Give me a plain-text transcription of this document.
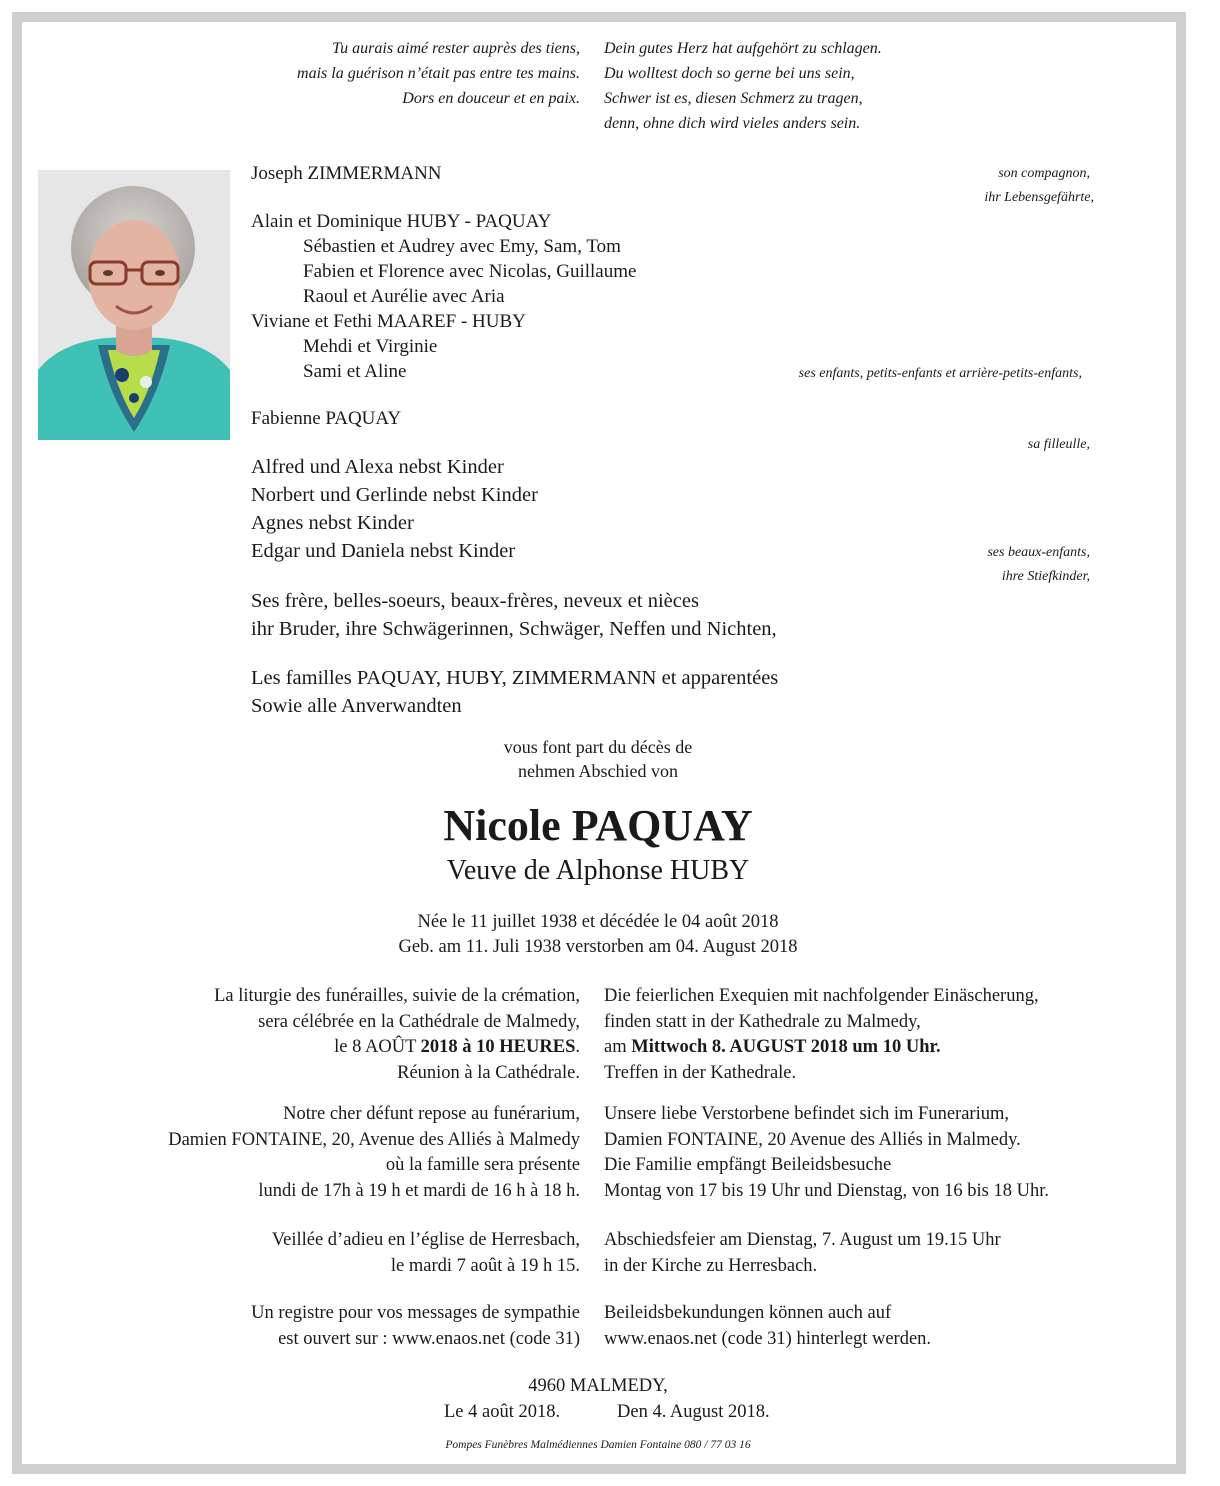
Tu aurais aimé rester auprès des tiens,
mais la guérison n’était pas entre tes mains.
Dors en douceur et en paix.
Dein gutes Herz hat aufgehört zu schlagen.
Du wolltest doch so gerne bei uns sein,
Schwer ist es, diesen Schmerz zu tragen,
denn, ohne dich wird vieles anders sein.
Joseph ZIMMERMANN	son compagnon,
ihr Lebensgefährte,
Alain et Dominique HUBY - PAQUAY
Sébastien et Audrey avec Emy, Sam, Tom
Fabien et Florence avec Nicolas, Guillaume
Raoul et Aurélie avec Aria
Viviane et Fethi MAAREF - HUBY
Mehdi et Virginie
Sami et Aline	ses enfants, petits-enfants et arrière-petits-enfants,
Fabienne PAQUAY
sa filleulle,
Alfred und Alexa nebst Kinder
Norbert und Gerlinde nebst Kinder
Agnes nebst Kinder
Edgar und Daniela nebst Kinder	ses beaux-enfants,
ihre Stiefkinder,
Ses frère, belles-soeurs, beaux-frères, neveux et nièces
ihr Bruder, ihre Schwägerinnen, Schwäger, Neffen und Nichten,
Les familles PAQUAY, HUBY, ZIMMERMANN et apparentées
Sowie alle Anverwandten
vous font part du décès de
nehmen Abschied von
Nicole PAQUAY
Veuve de Alphonse HUBY
Née le 11 juillet 1938 et décédée le 04 août 2018
Geb. am 11. Juli 1938 verstorben am 04. August 2018
La liturgie des funérailles, suivie de la crémation,
sera célébrée en la Cathédrale de Malmedy,
le 8 AOÛT 2018 à 10 HEURES.
Réunion à la Cathédrale.
Die feierlichen Exequien mit nachfolgender Einäscherung,
finden statt in der Kathedrale zu Malmedy,
am Mittwoch 8. AUGUST 2018 um 10 Uhr.
Treffen in der Kathedrale.
Notre cher défunt repose au funérarium,
Damien FONTAINE, 20, Avenue des Alliés à Malmedy
où la famille sera présente
lundi de 17h à 19 h et mardi de 16 h à 18 h.
Unsere liebe Verstorbene befindet sich im Funerarium,
Damien FONTAINE, 20 Avenue des Alliés in Malmedy.
Die Familie empfängt Beileidsbesuche
Montag von 17 bis 19 Uhr und Dienstag, von 16 bis 18 Uhr.
Veillée d’adieu en l’église de Herresbach,
le mardi 7 août à 19 h 15.
Abschiedsfeier am Dienstag, 7. August um 19.15 Uhr
in der Kirche zu Herresbach.
Un registre pour vos messages de sympathie
est ouvert sur : www.enaos.net (code 31)
Beileidsbekundungen können auch auf
www.enaos.net (code 31) hinterlegt werden.
4960 MALMEDY,
Le 4 août 2018.	Den 4. August 2018.
Pompes Funèbres Malmédiennes Damien Fontaine 080 / 77 03 16
